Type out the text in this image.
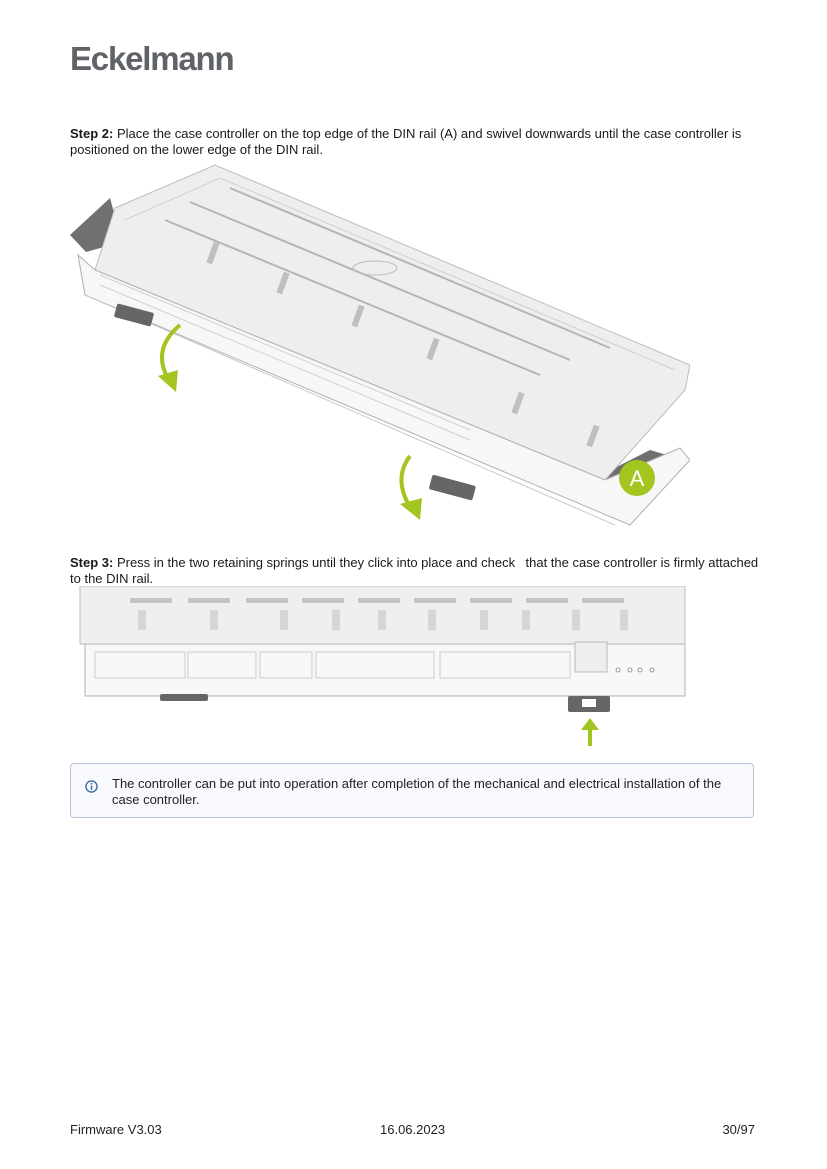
Eckelmann
Step 2: Place the case controller on the top edge of the DIN rail (A) and swivel downwards until the case controller is positioned on the lower edge of the DIN rail.
A
Step 3: Press in the two retaining springs until they click into place and checkthat the case controller is firmly attached to the DIN rail.
The controller can be put into operation after completion of the mechanical and electrical installation of the case controller.
Firmware V3.03	16.06.2023	30/97
